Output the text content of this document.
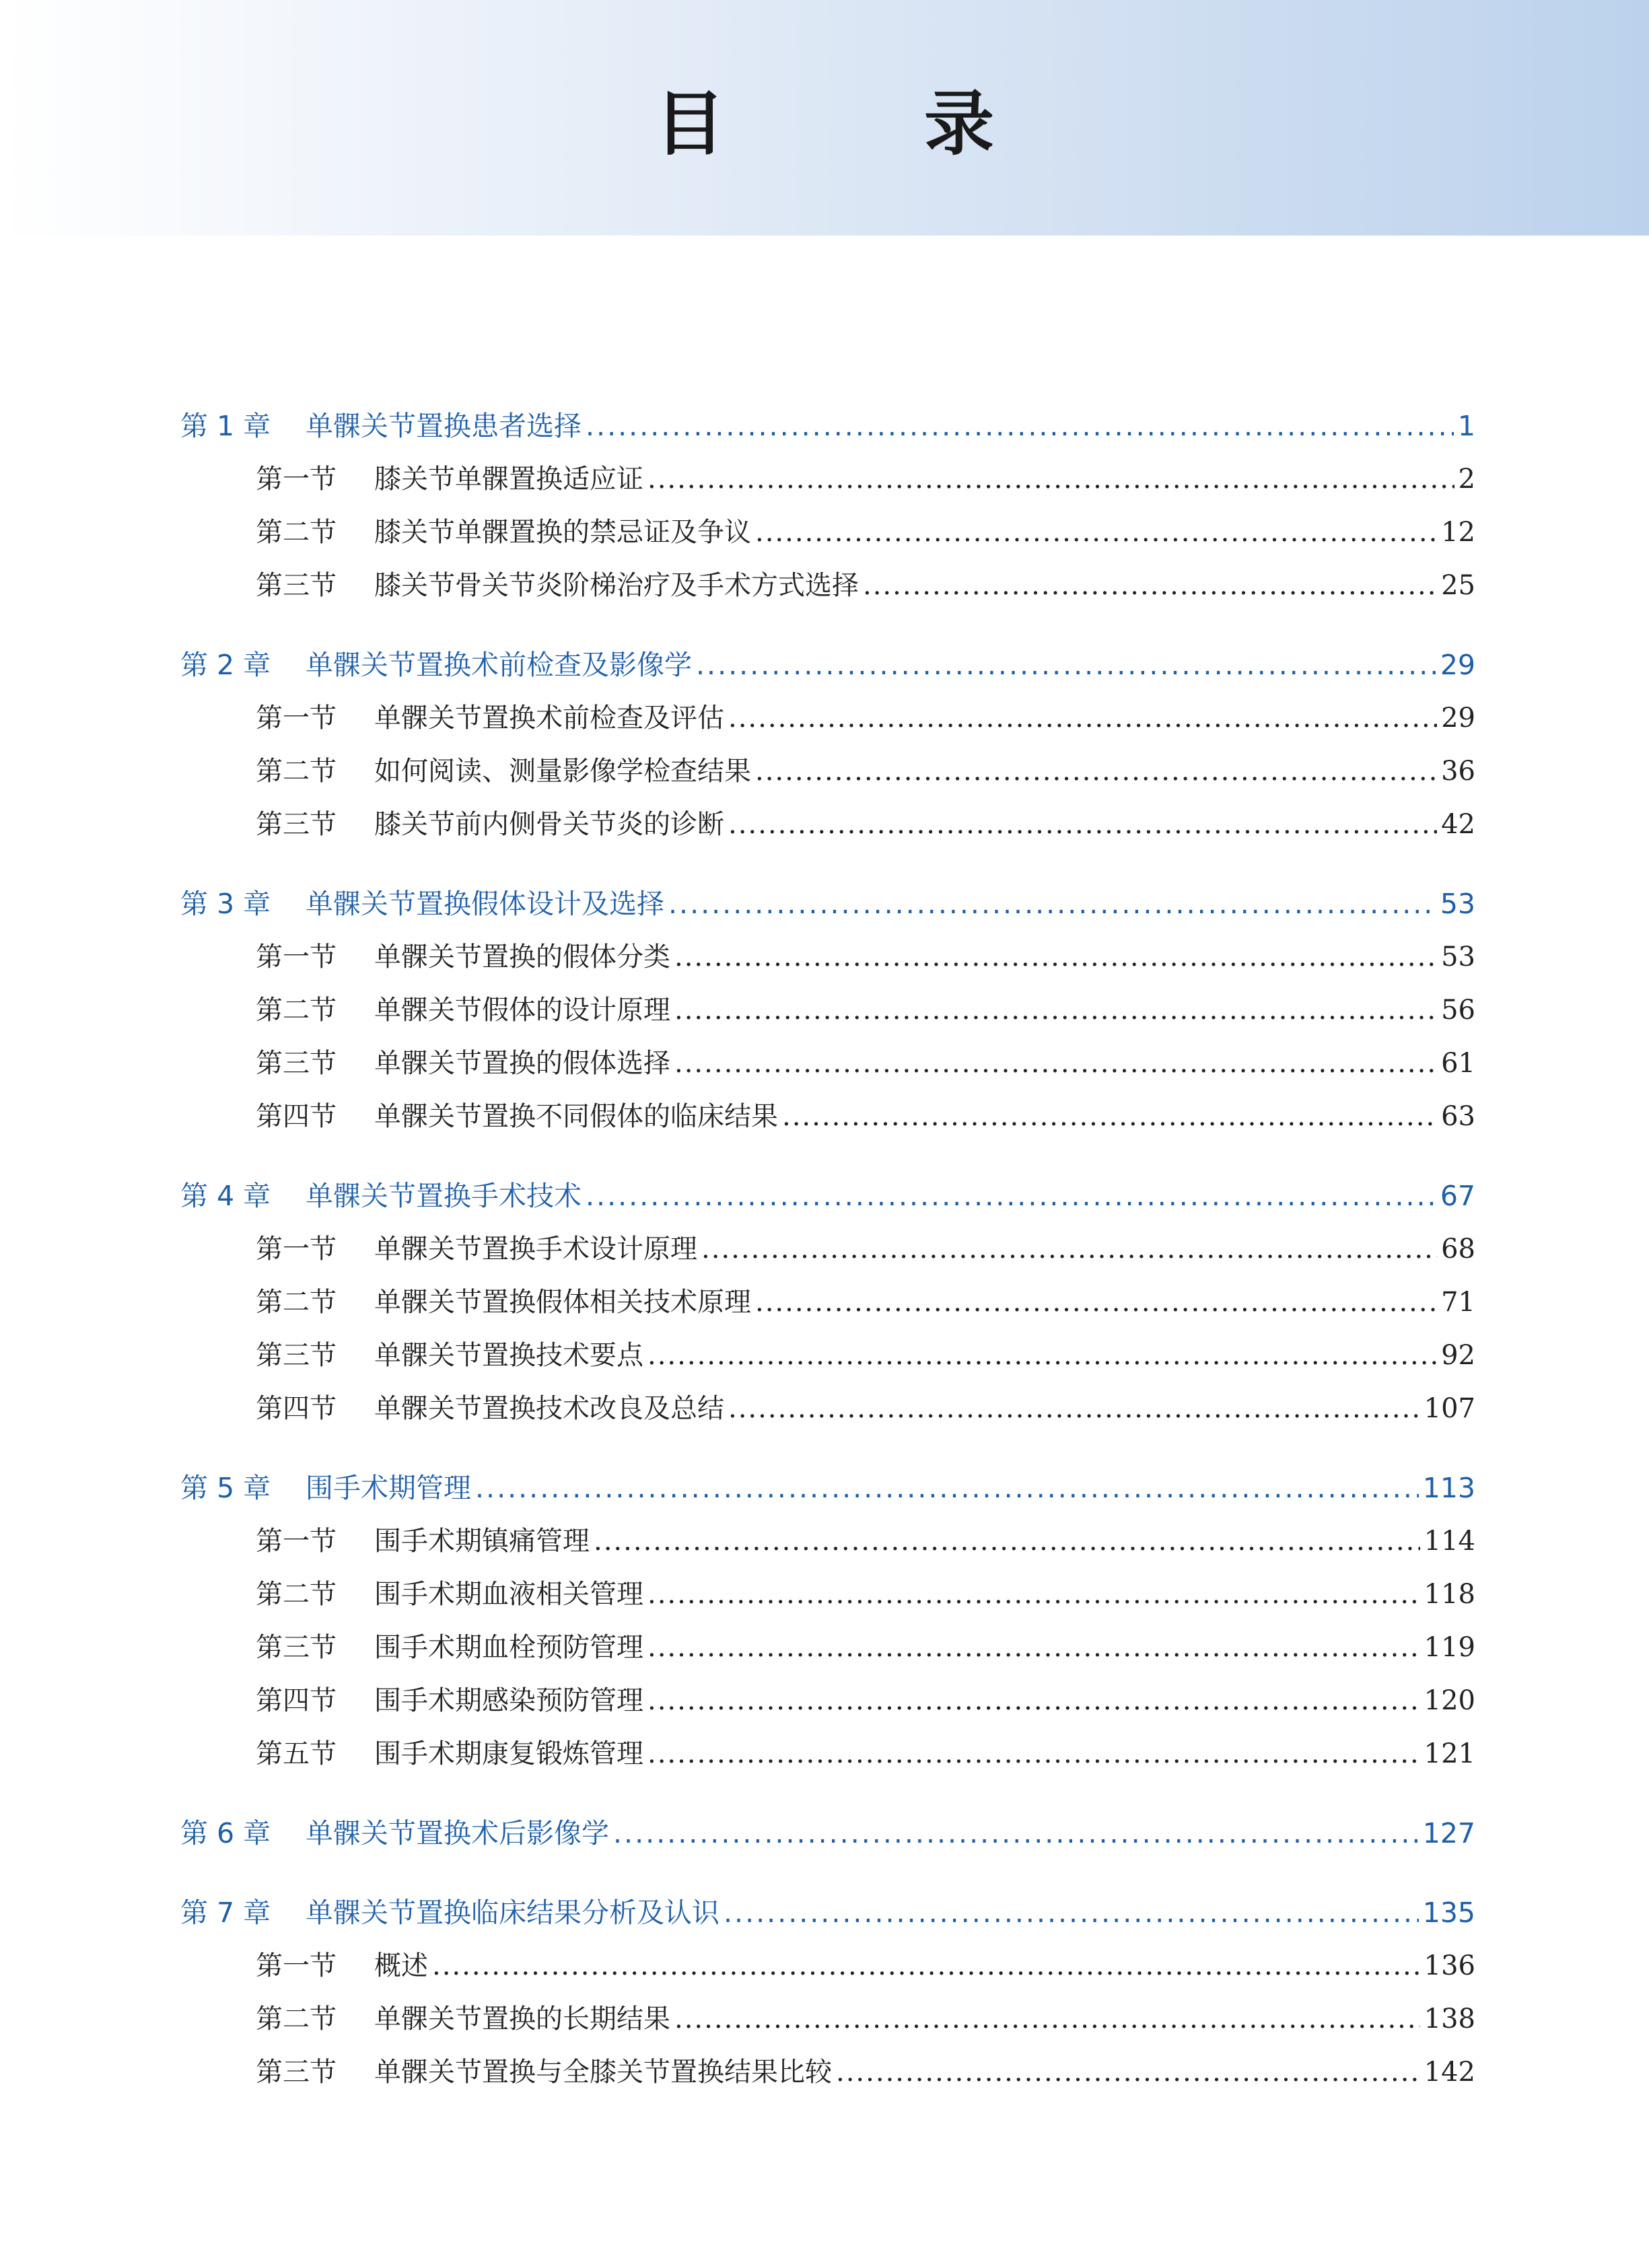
目　录
第 1 章	单髁关节置换患者选择 .....	1
第一节	膝关节单髁置换适应证 .....	2
第二节	膝关节单髁置换的禁忌证及争议 .....	12
第三节	膝关节骨关节炎阶梯治疗及手术方式选择 .....	25
第 2 章	单髁关节置换术前检查及影像学 .....	29
第一节	单髁关节置换术前检查及评估 .....	29
第二节	如何阅读、测量影像学检查结果 .....	36
第三节	膝关节前内侧骨关节炎的诊断 .....	42
第 3 章	单髁关节置换假体设计及选择 .....	53
第一节	单髁关节置换的假体分类 .....	53
第二节	单髁关节假体的设计原理 .....	56
第三节	单髁关节置换的假体选择 .....	61
第四节	单髁关节置换不同假体的临床结果 .....	63
第 4 章	单髁关节置换手术技术 .....	67
第一节	单髁关节置换手术设计原理 .....	68
第二节	单髁关节置换假体相关技术原理 .....	71
第三节	单髁关节置换技术要点 .....	92
第四节	单髁关节置换技术改良及总结 .....	107
第 5 章	围手术期管理 .....	113
第一节	围手术期镇痛管理 .....	114
第二节	围手术期血液相关管理 .....	118
第三节	围手术期血栓预防管理 .....	119
第四节	围手术期感染预防管理 .....	120
第五节	围手术期康复锻炼管理 .....	121
第 6 章	单髁关节置换术后影像学 .....	127
第 7 章	单髁关节置换临床结果分析及认识 .....	135
第一节	概述 .....	136
第二节	单髁关节置换的长期结果 .....	138
第三节	单髁关节置换与全膝关节置换结果比较 .....	142
